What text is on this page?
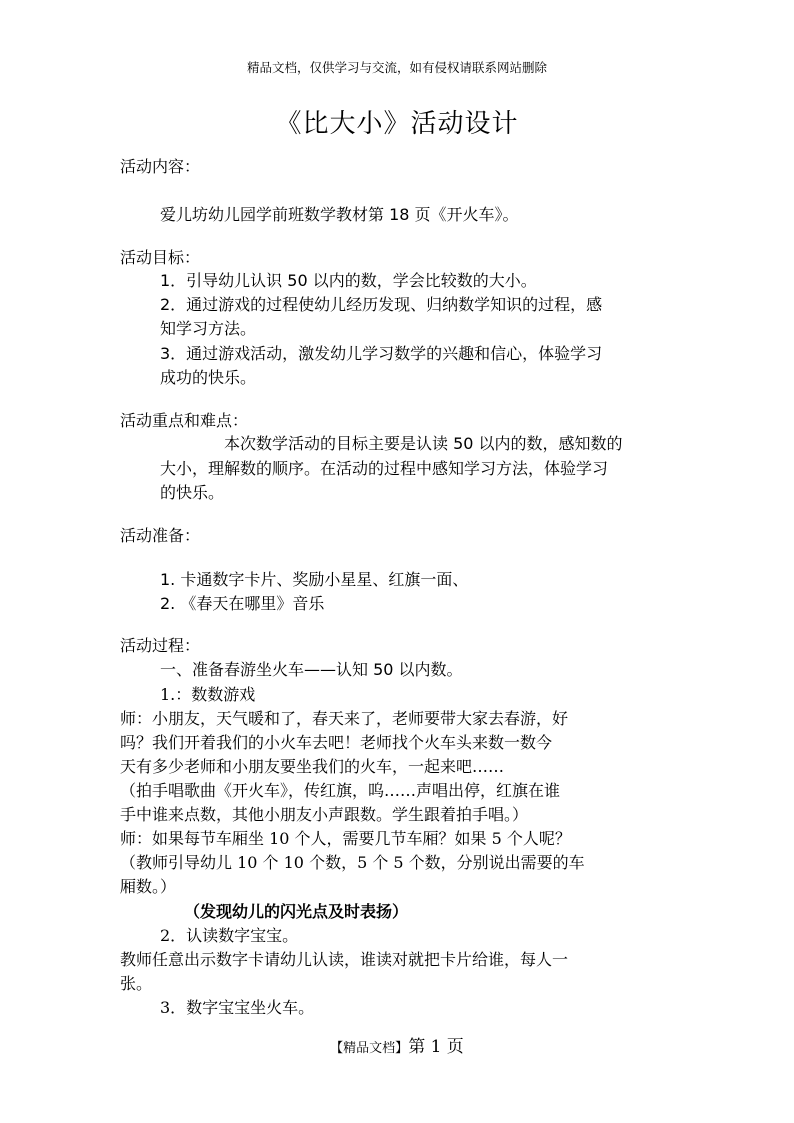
精品文档，仅供学习与交流，如有侵权请联系网站删除
《比大小》活动设计
活动内容：
爱儿坊幼儿园学前班数学教材第 18 页《开火车》。
活动目标：
1．引导幼儿认识 50 以内的数，学会比较数的大小。
2．通过游戏的过程使幼儿经历发现、归纳数学知识的过程，感
知学习方法。
3．通过游戏活动，激发幼儿学习数学的兴趣和信心，体验学习
成功的快乐。
活动重点和难点：
本次数学活动的目标主要是认读 50 以内的数，感知数的
大小，理解数的顺序。在活动的过程中感知学习方法，体验学习
的快乐。
活动准备：
1. 卡通数字卡片、奖励小星星、红旗一面、
2. 《春天在哪里》音乐
活动过程：
一、准备春游坐火车——认知 50 以内数。
1.：数数游戏
师：小朋友，天气暖和了，春天来了，老师要带大家去春游，好
吗？我们开着我们的小火车去吧！老师找个火车头来数一数今
天有多少老师和小朋友要坐我们的火车，一起来吧……
（拍手唱歌曲《开火车》，传红旗，呜……声唱出停，红旗在谁
手中谁来点数，其他小朋友小声跟数。学生跟着拍手唱。）
师：如果每节车厢坐 10 个人，需要几节车厢？如果 5 个人呢？
（教师引导幼儿 10 个 10 个数，5 个 5 个数，分别说出需要的车
厢数。）
（发现幼儿的闪光点及时表扬）
2．认读数字宝宝。
教师任意出示数字卡请幼儿认读，谁读对就把卡片给谁，每人一
张。
3．数字宝宝坐火车。
【精品文档】第 1 页
